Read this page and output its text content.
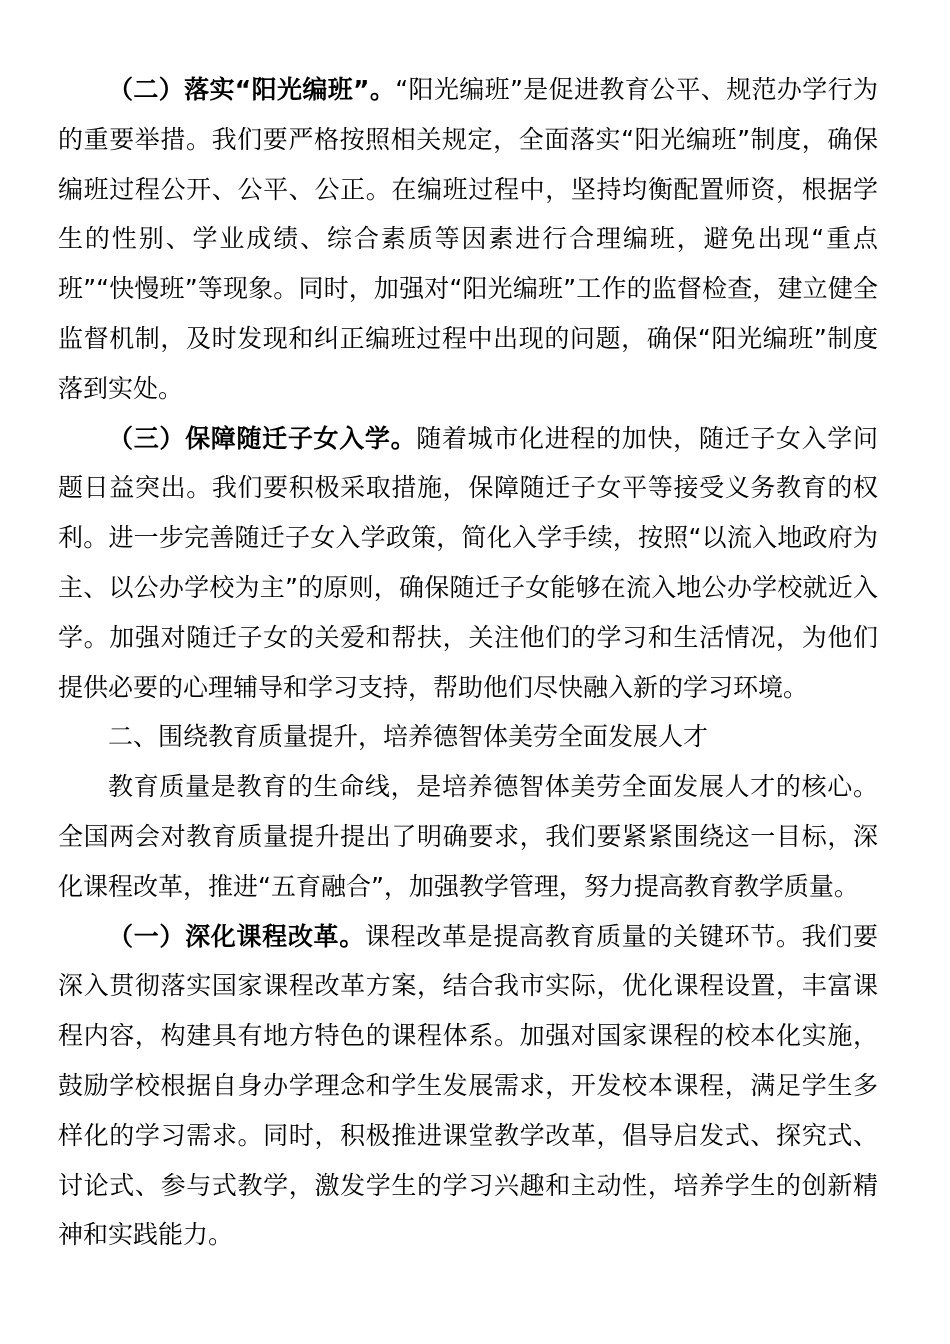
（二）落实“阳光编班”。“阳光编班”是促进教育公平、规范办学行为的重要举措。我们要严格按照相关规定，全面落实“阳光编班”制度，确保编班过程公开、公平、公正。在编班过程中，坚持均衡配置师资，根据学生的性别、学业成绩、综合素质等因素进行合理编班，避免出现“重点班”“快慢班”等现象。同时，加强对“阳光编班”工作的监督检查，建立健全监督机制，及时发现和纠正编班过程中出现的问题，确保“阳光编班”制度落到实处。

（三）保障随迁子女入学。随着城市化进程的加快，随迁子女入学问题日益突出。我们要积极采取措施，保障随迁子女平等接受义务教育的权利。进一步完善随迁子女入学政策，简化入学手续，按照“以流入地政府为主、以公办学校为主”的原则，确保随迁子女能够在流入地公办学校就近入学。加强对随迁子女的关爱和帮扶，关注他们的学习和生活情况，为他们提供必要的心理辅导和学习支持，帮助他们尽快融入新的学习环境。

二、围绕教育质量提升，培养德智体美劳全面发展人才

教育质量是教育的生命线，是培养德智体美劳全面发展人才的核心。全国两会对教育质量提升提出了明确要求，我们要紧紧围绕这一目标，深化课程改革，推进“五育融合”，加强教学管理，努力提高教育教学质量。

（一）深化课程改革。课程改革是提高教育质量的关键环节。我们要深入贯彻落实国家课程改革方案，结合我市实际，优化课程设置，丰富课程内容，构建具有地方特色的课程体系。加强对国家课程的校本化实施，鼓励学校根据自身办学理念和学生发展需求，开发校本课程，满足学生多样化的学习需求。同时，积极推进课堂教学改革，倡导启发式、探究式、讨论式、参与式教学，激发学生的学习兴趣和主动性，培养学生的创新精神和实践能力。
